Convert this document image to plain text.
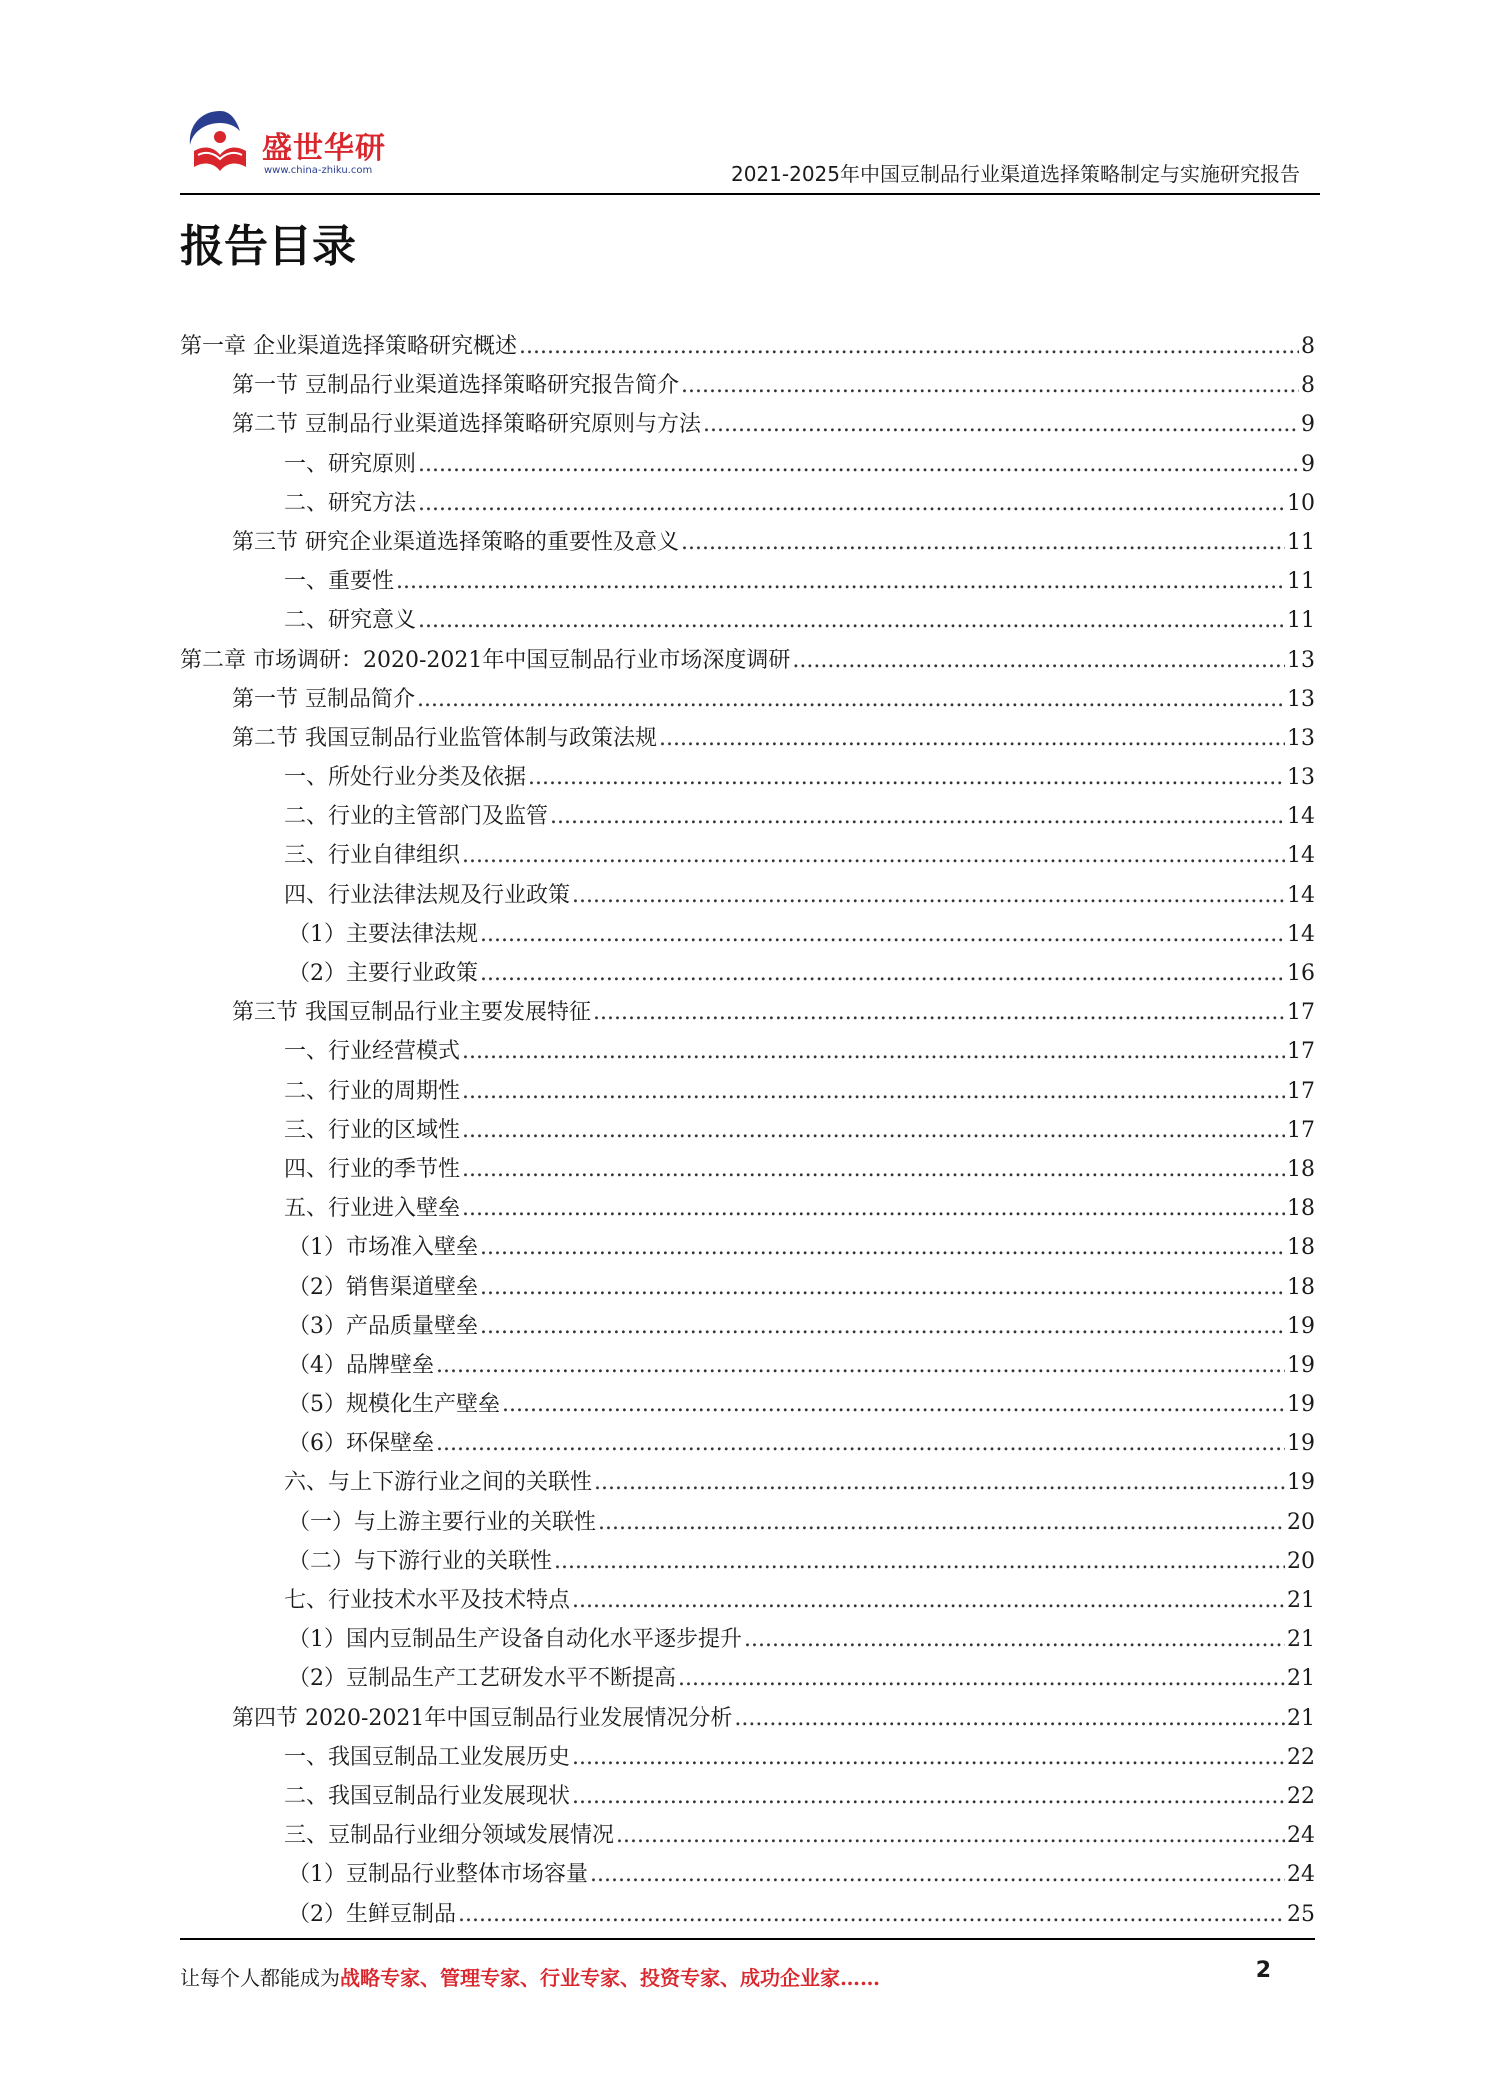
盛世华研
www.china-zhiku.com	2021-2025年中国豆制品行业渠道选择策略制定与实施研究报告
报告目录
第一章 企业渠道选择策略研究概述 .....	8
第一节 豆制品行业渠道选择策略研究报告简介 .....	8
第二节 豆制品行业渠道选择策略研究原则与方法 .....	9
一、研究原则 .....	9
二、研究方法 .....	10
第三节 研究企业渠道选择策略的重要性及意义 .....	11
一、重要性 .....	11
二、研究意义 .....	11
第二章 市场调研：2020-2021年中国豆制品行业市场深度调研 .....	13
第一节 豆制品简介 .....	13
第二节 我国豆制品行业监管体制与政策法规 .....	13
一、所处行业分类及依据 .....	13
二、行业的主管部门及监管 .....	14
三、行业自律组织 .....	14
四、行业法律法规及行业政策 .....	14
（1）主要法律法规 .....	14
（2）主要行业政策 .....	16
第三节 我国豆制品行业主要发展特征 .....	17
一、行业经营模式 .....	17
二、行业的周期性 .....	17
三、行业的区域性 .....	17
四、行业的季节性 .....	18
五、行业进入壁垒 .....	18
（1）市场准入壁垒 .....	18
（2）销售渠道壁垒 .....	18
（3）产品质量壁垒 .....	19
（4）品牌壁垒 .....	19
（5）规模化生产壁垒 .....	19
（6）环保壁垒 .....	19
六、与上下游行业之间的关联性 .....	19
（一）与上游主要行业的关联性 .....	20
（二）与下游行业的关联性 .....	20
七、行业技术水平及技术特点 .....	21
（1）国内豆制品生产设备自动化水平逐步提升 .....	21
（2）豆制品生产工艺研发水平不断提高 .....	21
第四节 2020-2021年中国豆制品行业发展情况分析 .....	21
一、我国豆制品工业发展历史 .....	22
二、我国豆制品行业发展现状 .....	22
三、豆制品行业细分领域发展情况 .....	24
（1）豆制品行业整体市场容量 .....	24
（2）生鲜豆制品 .....	25
让每个人都能成为战略专家、管理专家、行业专家、投资专家、成功企业家……	2
